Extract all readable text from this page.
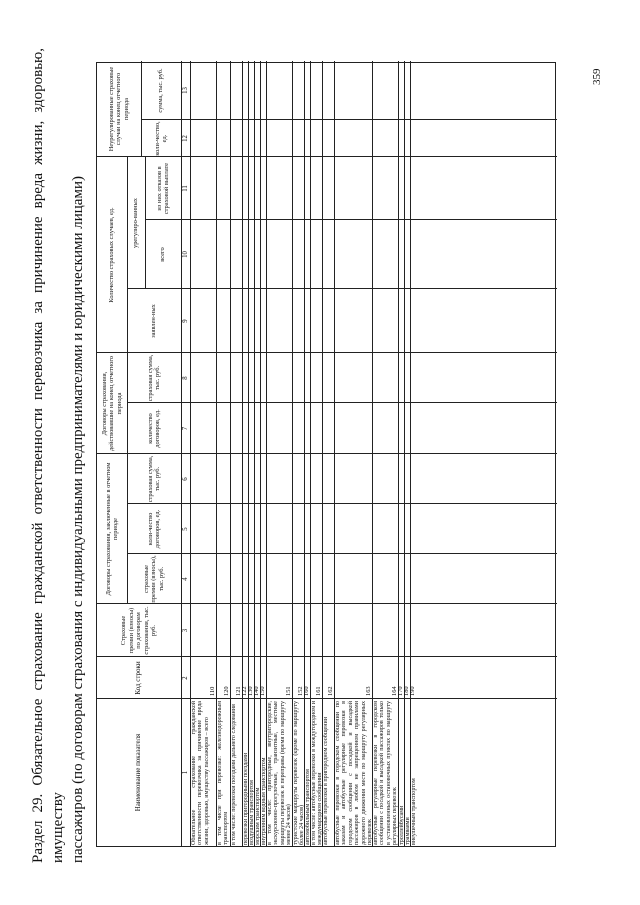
Раздел 29. Обязательное страхование гражданской ответственности перевозчика за причинение вреда жизни, здоровью, имуществу пассажиров (по договорам страхования с индивидуальными предпринимателями и юридическими лицами)
359
Наименование показателя
Код строки
Страховые премии (взносы) по договорам страхования, тыс. руб.
Договоры страхования, заключенные в отчетном периоде
страховые премии (взносы), тыс. руб.
коли-чество договоров, ед.
страховая сумма, тыс. руб.
Договоры страхования, действовавшие на конец отчетного периода
количество договоров, ед.
страховая сумма, тыс. руб.
Количество страховых случаев, ед.
заявлен-ных
урегулиро-ванных
всего
из них отказов в страховой выплате
Неурегулированные страховые случаи на конец отчетного периода
коли-чество, ед.
сумма, тыс. руб.
1
2
3
4
5
6
7
8
9
10
11
12
13
Обязательное страхование гражданской ответственности перевозчика за причинение вреда жизни, здоровью, имуществу пассажиров – всего
110
в том числе при перевозке: железнодорожным транспортом
120
в том числе: перевозки поездами дальнего следования
121
перевозки пригородными поездами
122
воздушным транспортом
130
морским транспортом
140
внутренним водным транспортом
150
в том числе: пригородные, внутригородские, экскурсионно-прогулочные, транзитные, местные маршруты перевозок и переправы (время по маршруту менее 24 часов)
151
туристские маршруты перевозок (кроме по маршруту более 24 часов)
152
автомобильным транспортом
160
в том числе: автобусные перевозки в междугородном и международном сообщении
161
автобусные перевозки в пригородном сообщении
162
автобусные перевозки в городском сообщении по заказам и автобусные регулярные перевозки в городском сообщении с посадкой и высадкой пассажиров в любом не запрещенном правилами дорожного движения месте по маршруту регулярных перевозок
163
автобусные регулярные перевозки в городском сообщении с посадкой и высадкой пассажиров только в установленных остановочных пунктах по маршруту регулярных перевозок
164
троллейбусами
170
трамваями
180
внеуличным транспортом
190
